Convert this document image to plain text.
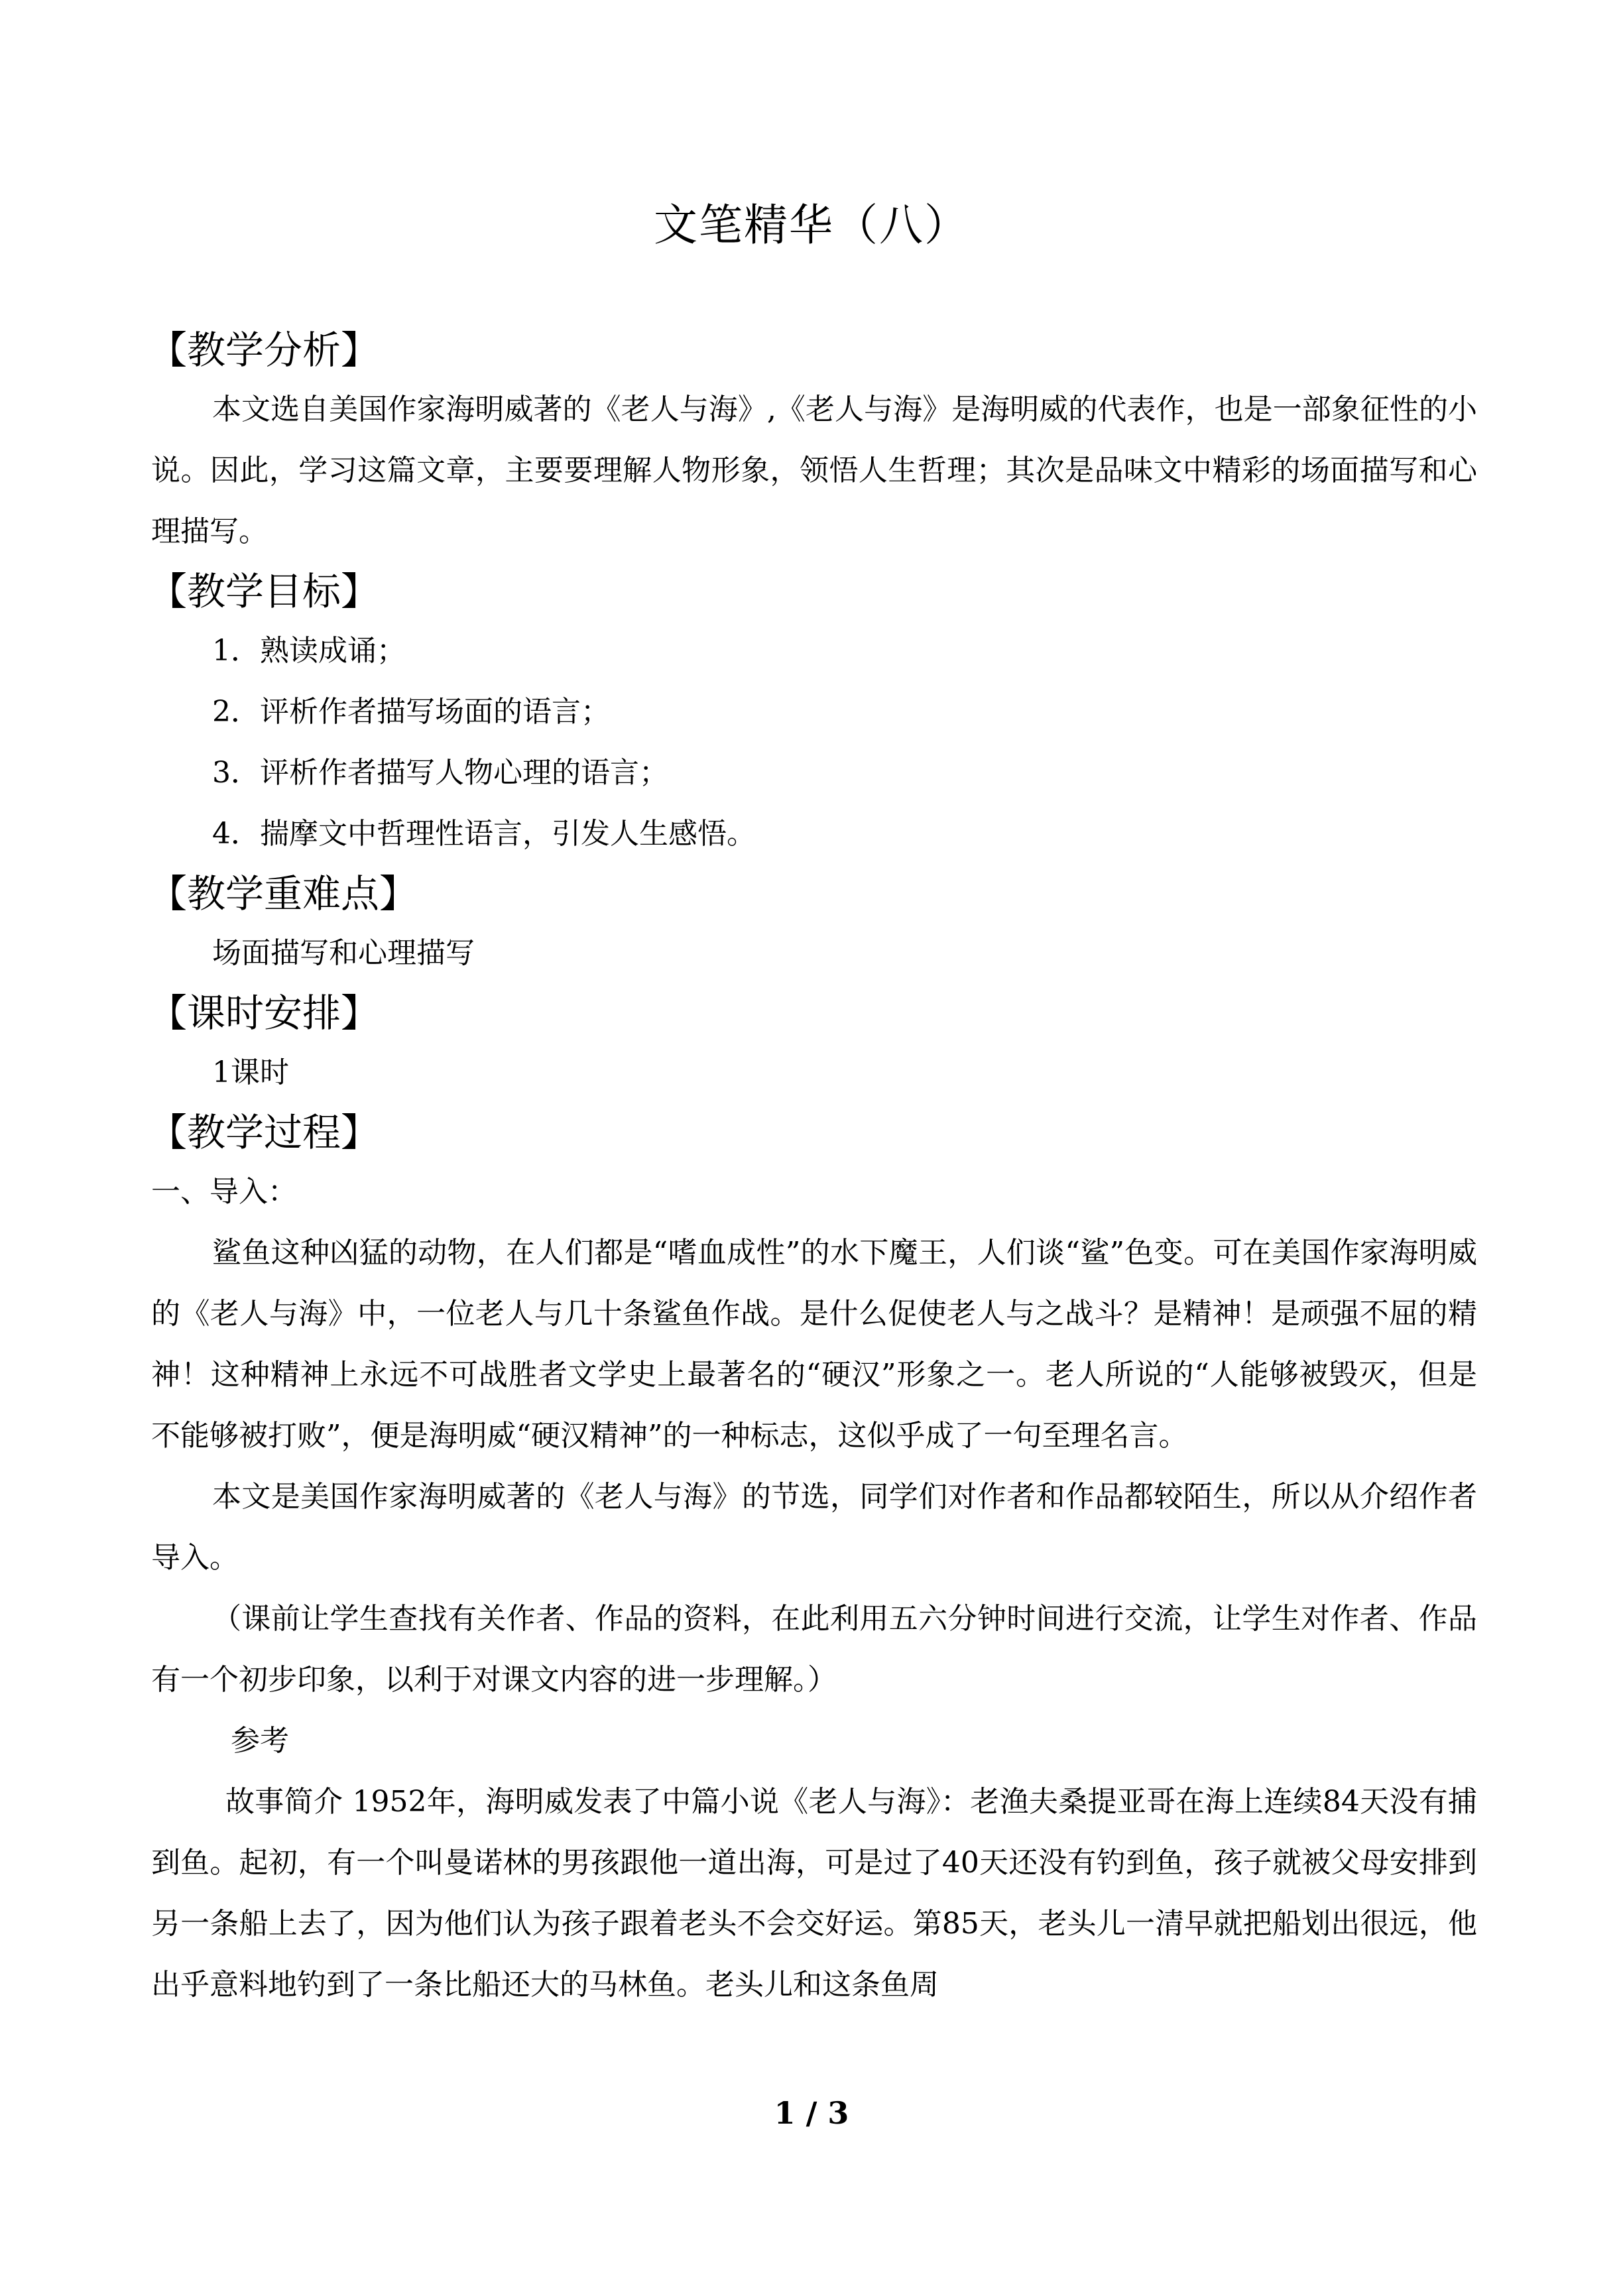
文笔精华（八）
【教学分析】

本文选自美国作家海明威著的《老人与海》,《老人与海》是海明威的代表作，也是一部象征性的小说。因此，学习这篇文章，主要要理解人物形象，领悟人生哲理；其次是品味文中精彩的场面描写和心理描写。

【教学目标】

1．熟读成诵；

2．评析作者描写场面的语言；

3．评析作者描写人物心理的语言；

4．揣摩文中哲理性语言，引发人生感悟。

【教学重难点】

场面描写和心理描写

【课时安排】

1课时

【教学过程】

一、导入：

鲨鱼这种凶猛的动物，在人们都是“嗜血成性”的水下魔王，人们谈“鲨”色变。可在美国作家海明威的《老人与海》中，一位老人与几十条鲨鱼作战。是什么促使老人与之战斗？是精神！是顽强不屈的精神！这种精神上永远不可战胜者文学史上最著名的“硬汉”形象之一。老人所说的“人能够被毁灭，但是不能够被打败”，便是海明威“硬汉精神”的一种标志，这似乎成了一句至理名言。

本文是美国作家海明威著的《老人与海》的节选，同学们对作者和作品都较陌生，所以从介绍作者导入。

（课前让学生查找有关作者、作品的资料，在此利用五六分钟时间进行交流，让学生对作者、作品有一个初步印象，以利于对课文内容的进一步理解。）

参考

故事简介 1952年，海明威发表了中篇小说《老人与海》：老渔夫桑提亚哥在海上连续84天没有捕到鱼。起初，有一个叫曼诺林的男孩跟他一道出海，可是过了40天还没有钓到鱼，孩子就被父母安排到另一条船上去了，因为他们认为孩子跟着老头不会交好运。第85天，老头儿一清早就把船划出很远，他出乎意料地钓到了一条比船还大的马林鱼。老头儿和这条鱼周

1 / 3
